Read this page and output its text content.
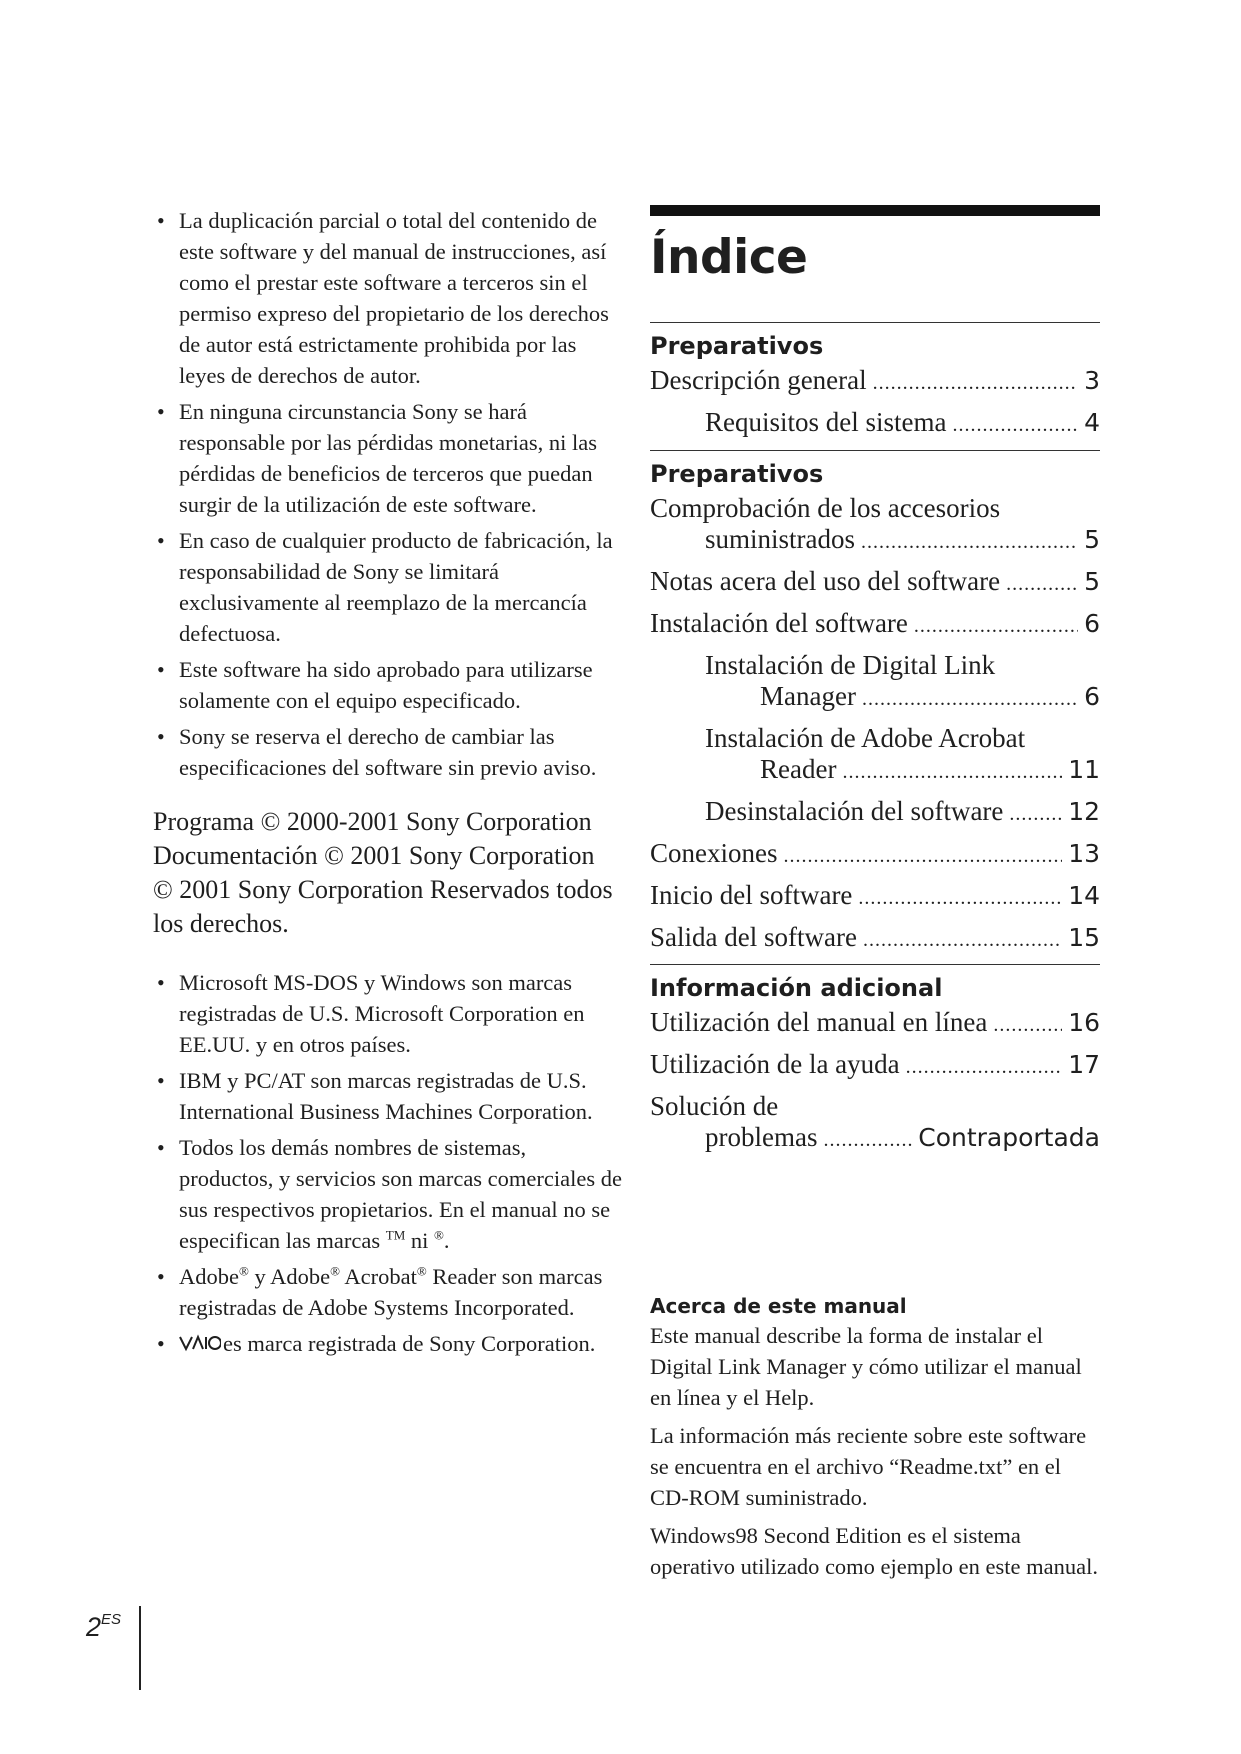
• La duplicación parcial o total del contenido de este software y del manual de instrucciones, así como el prestar este software a terceros sin el permiso expreso del propietario de los derechos de autor está estrictamente prohibida por las leyes de derechos de autor.
• En ninguna circunstancia Sony se hará responsable por las pérdidas monetarias, ni las pérdidas de beneficios de terceros que puedan surgir de la utilización de este software.
• En caso de cualquier producto de fabricación, la responsabilidad de Sony se limitará exclusivamente al reemplazo de la mercancía defectuosa.
• Este software ha sido aprobado para utilizarse solamente con el equipo especificado.
• Sony se reserva el derecho de cambiar las especificaciones del software sin previo aviso.
Programa © 2000-2001 Sony Corporation
Documentación © 2001 Sony Corporation
© 2001 Sony Corporation Reservados todos los derechos.
• Microsoft MS-DOS y Windows son marcas registradas de U.S. Microsoft Corporation en EE.UU. y en otros países.
• IBM y PC/AT son marcas registradas de U.S. International Business Machines Corporation.
• Todos los demás nombres de sistemas, productos, y servicios son marcas comerciales de sus respectivos propietarios. En el manual no se especifican las marcas ™ ni ®.
• Adobe® y Adobe® Acrobat® Reader son marcas registradas de Adobe Systems Incorporated.
•	es marca registrada de Sony Corporation.
$2^{ES}$
Índice
Preparativos
Descripción general .....	3
Requisitos del sistema .....	4
Preparativos
Comprobación de los accesorios
suministrados .....	5
Notas acera del uso del software .....	5
Instalación del software .....	6
Instalación de Digital Link
Manager .....	6
Instalación de Adobe Acrobat
Reader .....	11
Desinstalación del software .....	12
Conexiones .....	13
Inicio del software .....	14
Salida del software .....	15
Información adicional
Utilización del manual en línea .....	16
Utilización de la ayuda .....	17
Solución de
problemas .....	Contraportada
Acerca de este manual

Este manual describe la forma de instalar el Digital Link Manager y cómo utilizar el manual en línea y el Help.

La información más reciente sobre este software se encuentra en el archivo “Readme.txt” en el CD-ROM suministrado.

Windows98 Second Edition es el sistema operativo utilizado como ejemplo en este manual.
